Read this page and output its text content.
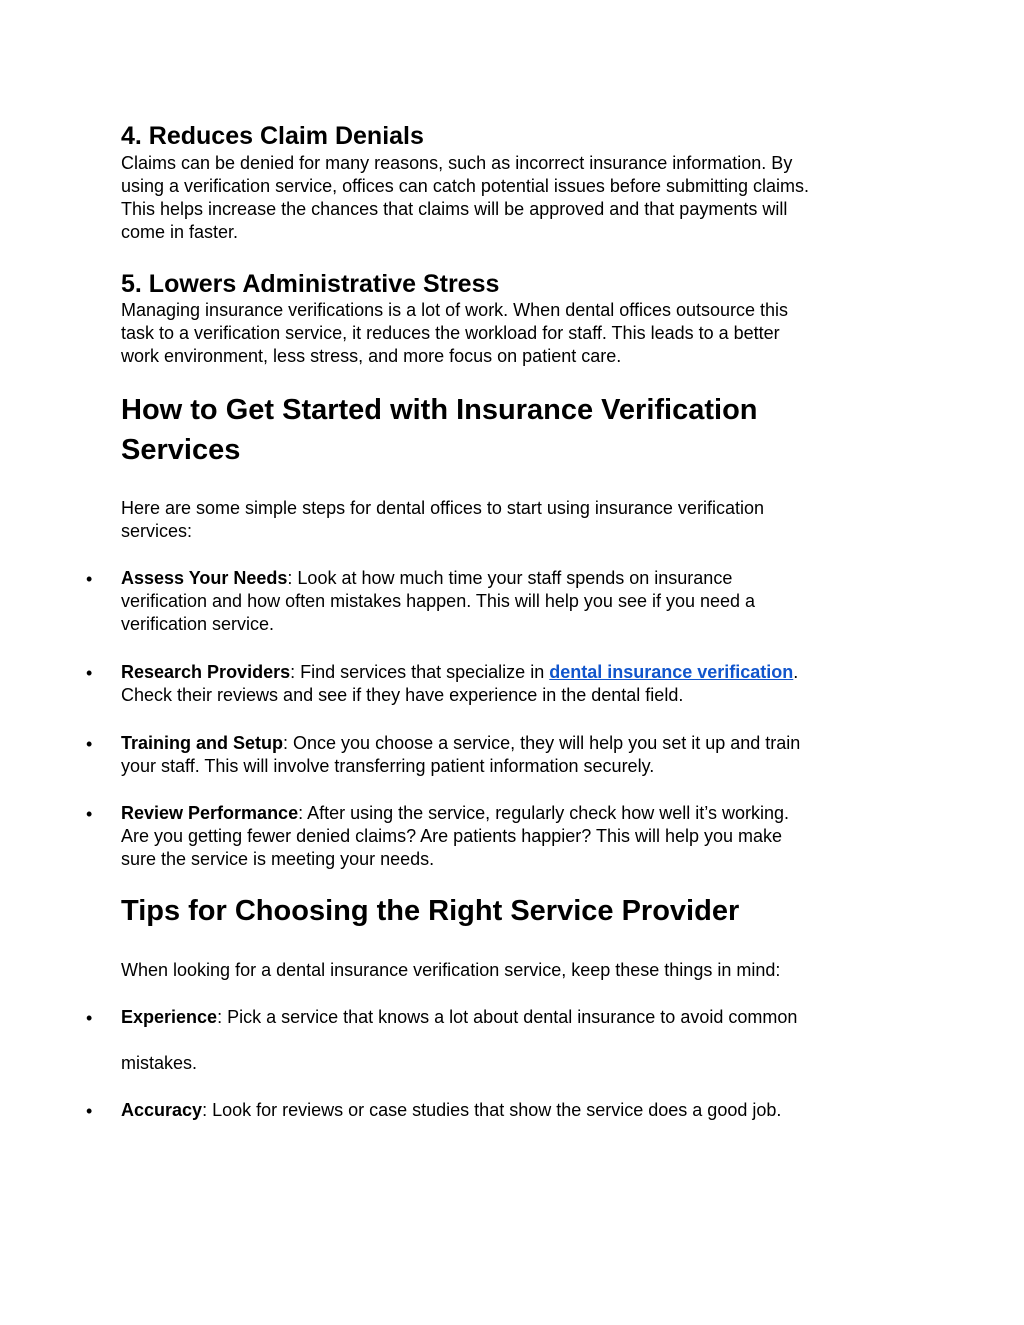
4. Reduces Claim Denials

Claims can be denied for many reasons, such as incorrect insurance information. By
using a verification service, offices can catch potential issues before submitting claims.
This helps increase the chances that claims will be approved and that payments will
come in faster.

5. Lowers Administrative Stress

Managing insurance verifications is a lot of work. When dental offices outsource this
task to a verification service, it reduces the workload for staff. This leads to a better
work environment, less stress, and more focus on patient care.

How to Get Started with Insurance Verification
Services

Here are some simple steps for dental offices to start using insurance verification
services:

•	Assess Your Needs: Look at how much time your staff spends on insurance
verification and how often mistakes happen. This will help you see if you need a
verification service.

•	Research Providers: Find services that specialize in dental insurance verification.
Check their reviews and see if they have experience in the dental field.

•	Training and Setup: Once you choose a service, they will help you set it up and train
your staff. This will involve transferring patient information securely.

•	Review Performance: After using the service, regularly check how well it’s working.
Are you getting fewer denied claims? Are patients happier? This will help you make
sure the service is meeting your needs.

Tips for Choosing the Right Service Provider

When looking for a dental insurance verification service, keep these things in mind:

•	Experience: Pick a service that knows a lot about dental insurance to avoid common

mistakes.

•	Accuracy: Look for reviews or case studies that show the service does a good job.
